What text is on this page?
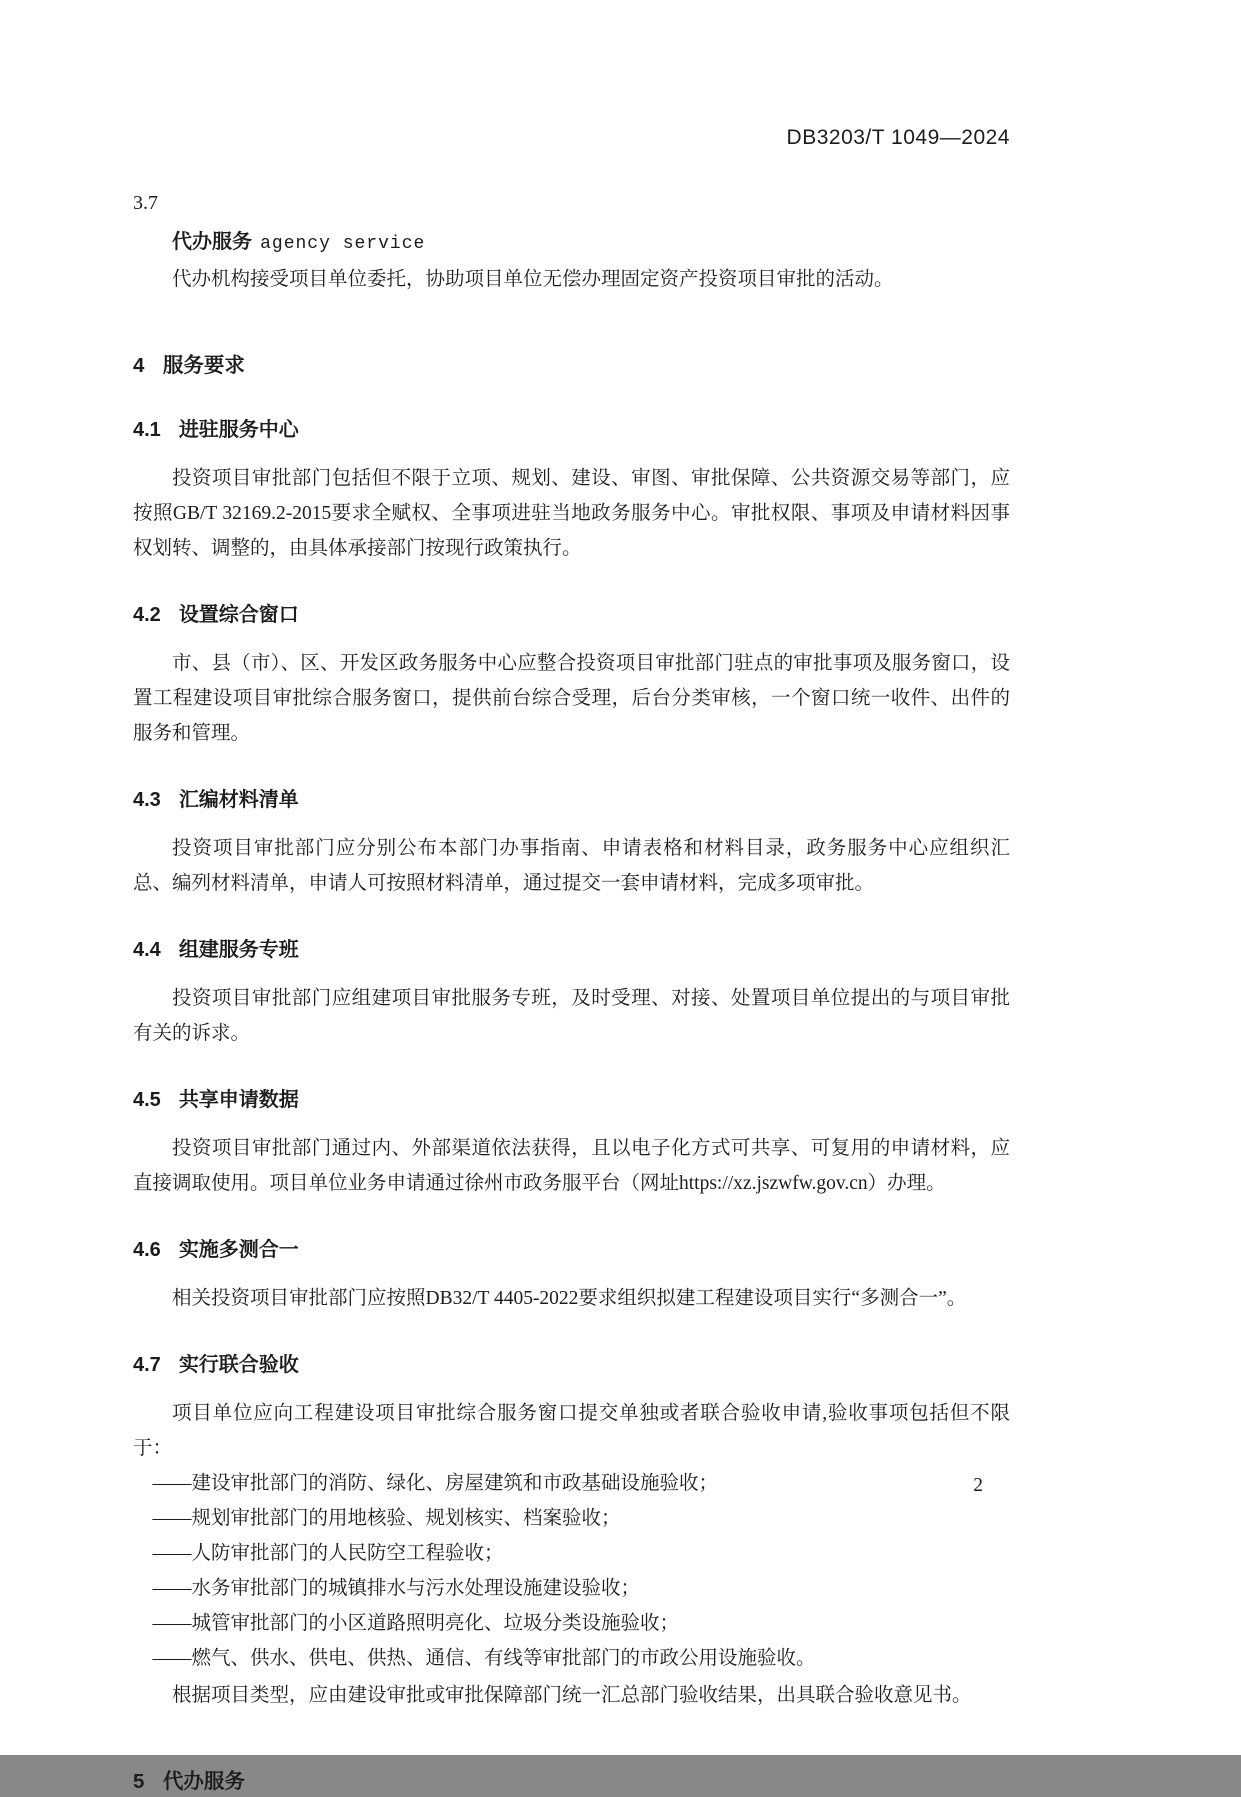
DB3203/T 1049—2024
3.7
代办服务 agency service

代办机构接受项目单位委托，协助项目单位无偿办理固定资产投资项目审批的活动。

4 服务要求
4.1 进驻服务中心

投资项目审批部门包括但不限于立项、规划、建设、审图、审批保障、公共资源交易等部门，应按照GB/T 32169.2-2015要求全赋权、全事项进驻当地政务服务中心。审批权限、事项及申请材料因事权划转、调整的，由具体承接部门按现行政策执行。

4.2 设置综合窗口

市、县（市）、区、开发区政务服务中心应整合投资项目审批部门驻点的审批事项及服务窗口，设置工程建设项目审批综合服务窗口，提供前台综合受理，后台分类审核，一个窗口统一收件、出件的服务和管理。

4.3 汇编材料清单

投资项目审批部门应分别公布本部门办事指南、申请表格和材料目录，政务服务中心应组织汇总、编列材料清单，申请人可按照材料清单，通过提交一套申请材料，完成多项审批。

4.4 组建服务专班

投资项目审批部门应组建项目审批服务专班，及时受理、对接、处置项目单位提出的与项目审批有关的诉求。

4.5 共享申请数据

投资项目审批部门通过内、外部渠道依法获得，且以电子化方式可共享、可复用的申请材料，应直接调取使用。项目单位业务申请通过徐州市政务服平台（网址https://xz.jszwfw.gov.cn）办理。

4.6 实施多测合一

相关投资项目审批部门应按照DB32/T 4405-2022要求组织拟建工程建设项目实行“多测合一”。

4.7 实行联合验收

项目单位应向工程建设项目审批综合服务窗口提交单独或者联合验收申请,验收事项包括但不限于：

——建设审批部门的消防、绿化、房屋建筑和市政基础设施验收；

——规划审批部门的用地核验、规划核实、档案验收；

——人防审批部门的人民防空工程验收；

——水务审批部门的城镇排水与污水处理设施建设验收；

——城管审批部门的小区道路照明亮化、垃圾分类设施验收；

——燃气、供水、供电、供热、通信、有线等审批部门的市政公用设施验收。

根据项目类型，应由建设审批或审批保障部门统一汇总部门验收结果，出具联合验收意见书。

5 代办服务
2
